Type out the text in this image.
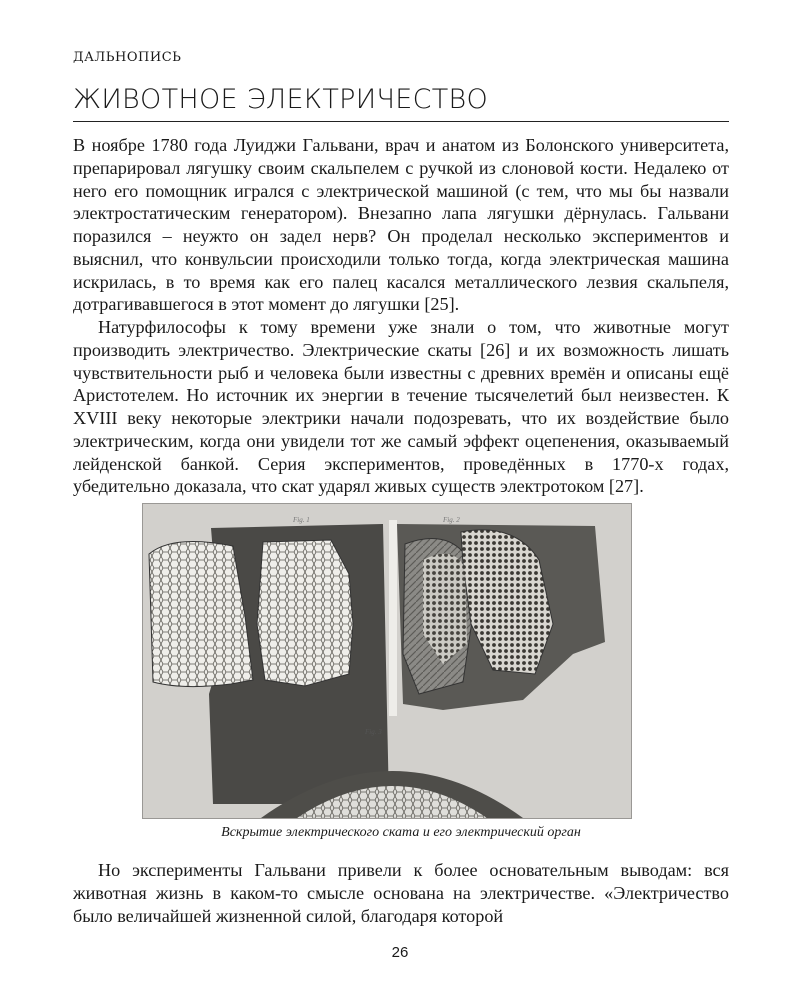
ДАЛЬНОПИСЬ
ЖИВОТНОЕ ЭЛЕКТРИЧЕСТВО

В ноябре 1780 года Луиджи Гальвани, врач и анатом из Болонского университета, препарировал лягушку своим скальпелем с ручкой из слоновой кости. Недалеко от него его помощник игрался с электрической машиной (с тем, что мы бы назвали электростатическим генератором). Внезапно лапа лягушки дёрнулась. Гальвани поразился – неужто он задел нерв? Он проделал несколько экспериментов и выяснил, что конвульсии происходили только тогда, когда электрическая машина искрилась, в то время как его палец касался металлического лезвия скальпеля, дотрагивавшегося в этот момент до лягушки [25].

Натурфилософы к тому времени уже знали о том, что животные могут производить электричество. Электрические скаты [26] и их возможность лишать чувствительности рыб и человека были известны с древних времён и описаны ещё Аристотелем. Но источник их энергии в течение тысячелетий был неизвестен. К XVIII веку некоторые электрики начали подозревать, что их воздействие было электрическим, когда они увидели тот же самый эффект оцепенения, оказываемый лейденской банкой. Серия экспериментов, проведённых в 1770-х годах, убедительно доказала, что скат ударял живых существ электротоком [27].

Fig. 1	Fig. 2
Fig. 3
Вскрытие электрического ската и его электрический орган

Но эксперименты Гальвани привели к более основательным выводам: вся животная жизнь в каком-то смысле основана на электричестве. «Электричество было величайшей жизненной силой, благодаря которой

26
